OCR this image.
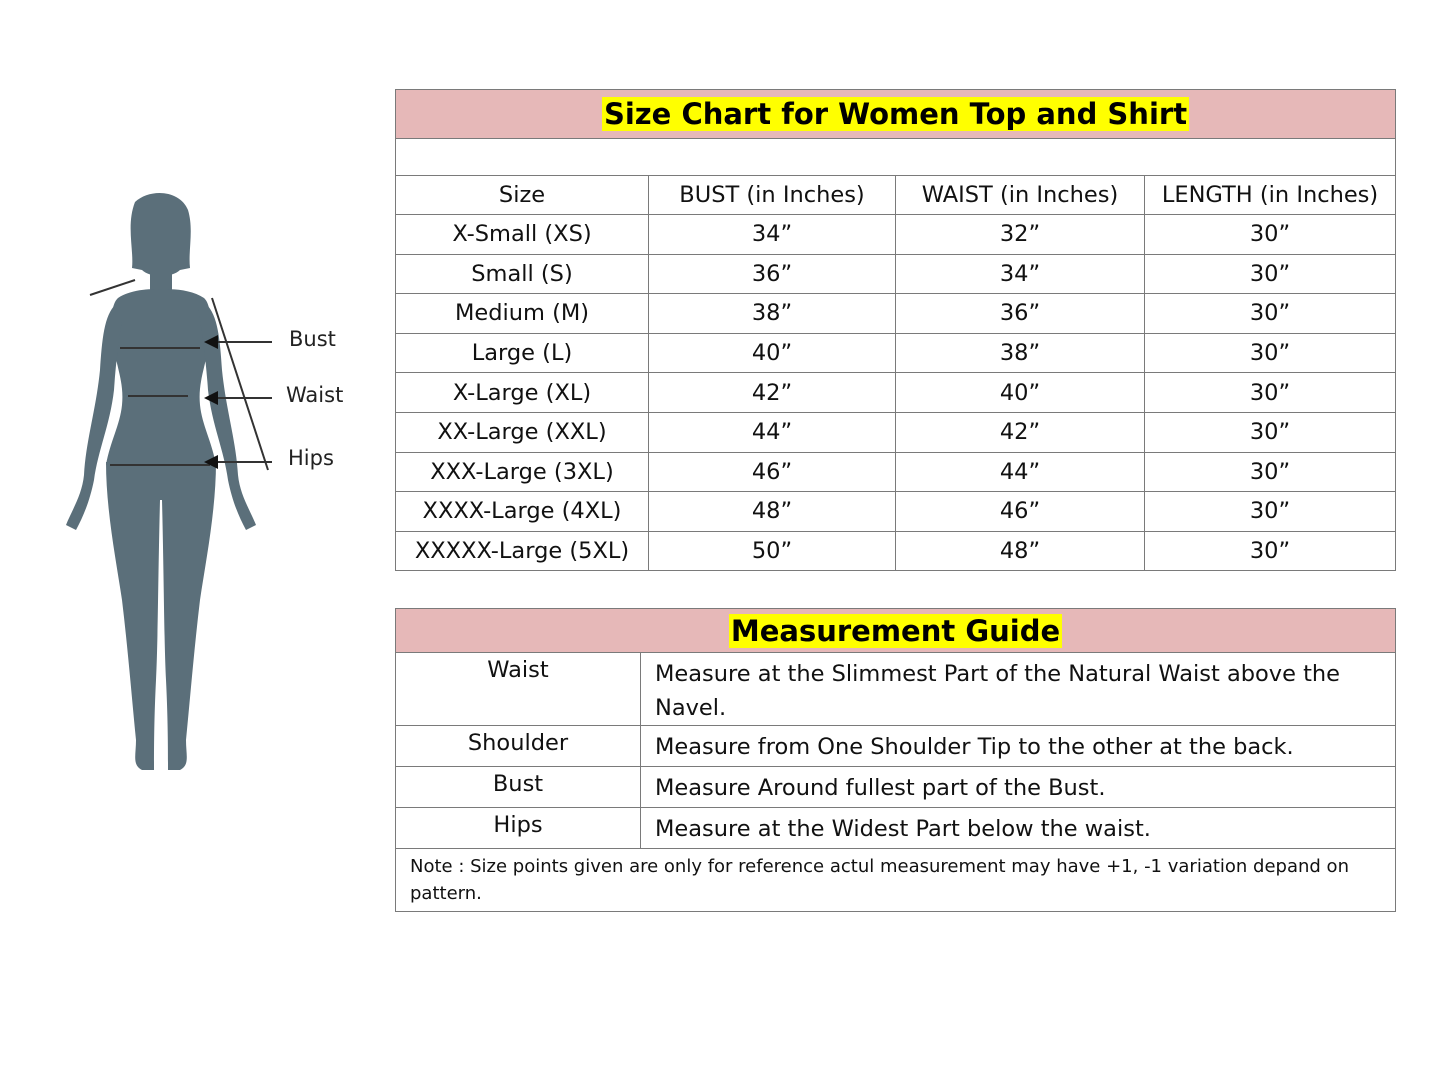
Bust
Waist
Hips
Size Chart for Women Top and Shirt			

Size	BUST (in Inches)	WAIST (in Inches)	LENGTH (in Inches)
X-Small (XS)	34”	32”	30”
Small (S)	36”	34”	30”
Medium (M)	38”	36”	30”
Large (L)	40”	38”	30”
X-Large (XL)	42”	40”	30”
XX-Large (XXL)	44”	42”	30”
XXX-Large (3XL)	46”	44”	30”
XXXX-Large (4XL)	48”	46”	30”
XXXXX-Large (5XL)	50”	48”	30”
Measurement Guide	
Waist	Measure at the Slimmest Part of the Natural Waist above the Navel.
Shoulder	Measure from One Shoulder Tip to the other at the back.
Bust	Measure Around fullest part of the Bust.
Hips	Measure at the Widest Part below the waist.
Note : Size points given are only for reference actul measurement may have +1, -1 variation depand on pattern.	
